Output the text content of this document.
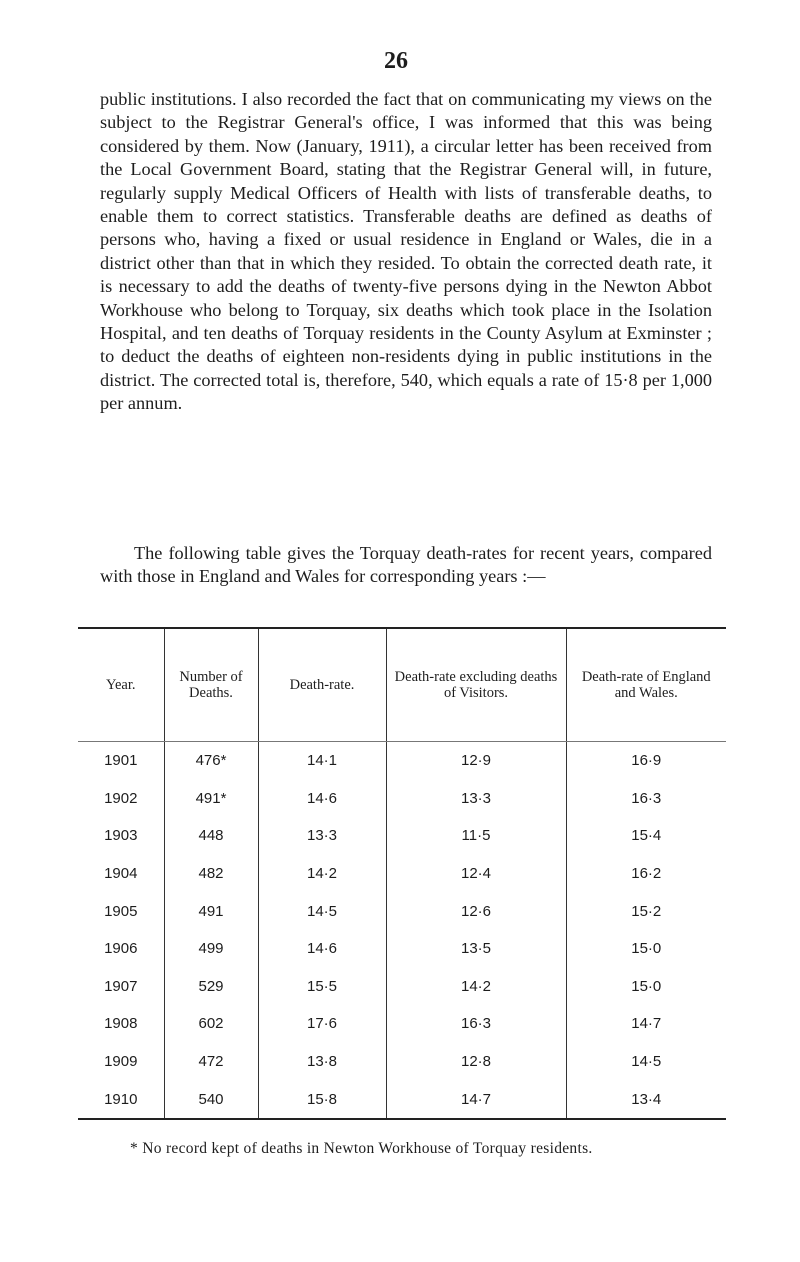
26

public institutions. I also recorded the fact that on communicating my views on the subject to the Registrar General's office, I was informed that this was being considered by them. Now (January, 1911), a circular letter has been received from the Local Government Board, stating that the Registrar General will, in future, regularly supply Medical Officers of Health with lists of transferable deaths, to enable them to correct statistics. Transferable deaths are defined as deaths of persons who, having a fixed or usual residence in England or Wales, die in a district other than that in which they resided. To obtain the corrected death rate, it is necessary to add the deaths of twenty-five persons dying in the Newton Abbot Workhouse who belong to Torquay, six deaths which took place in the Isolation Hospital, and ten deaths of Torquay residents in the County Asylum at Exminster ; to deduct the deaths of eighteen non-residents dying in public institutions in the district. The corrected total is, therefore, 540, which equals a rate of 15·8 per 1,000 per annum.

The following table gives the Torquay death-rates for recent years, compared with those in England and Wales for corresponding years :—

Year.	Number of Deaths.	Death-rate.	Death-rate excluding deaths of Visitors.	Death-rate of England and Wales.
1901	476*	14·1	12·9	16·9
1902	491*	14·6	13·3	16·3
1903	448	13·3	11·5	15·4
1904	482	14·2	12·4	16·2
1905	491	14·5	12·6	15·2
1906	499	14·6	13·5	15·0
1907	529	15·5	14·2	15·0
1908	602	17·6	16·3	14·7
1909	472	13·8	12·8	14·5
1910	540	15·8	14·7	13·4
* No record kept of deaths in Newton Workhouse of Torquay residents.
